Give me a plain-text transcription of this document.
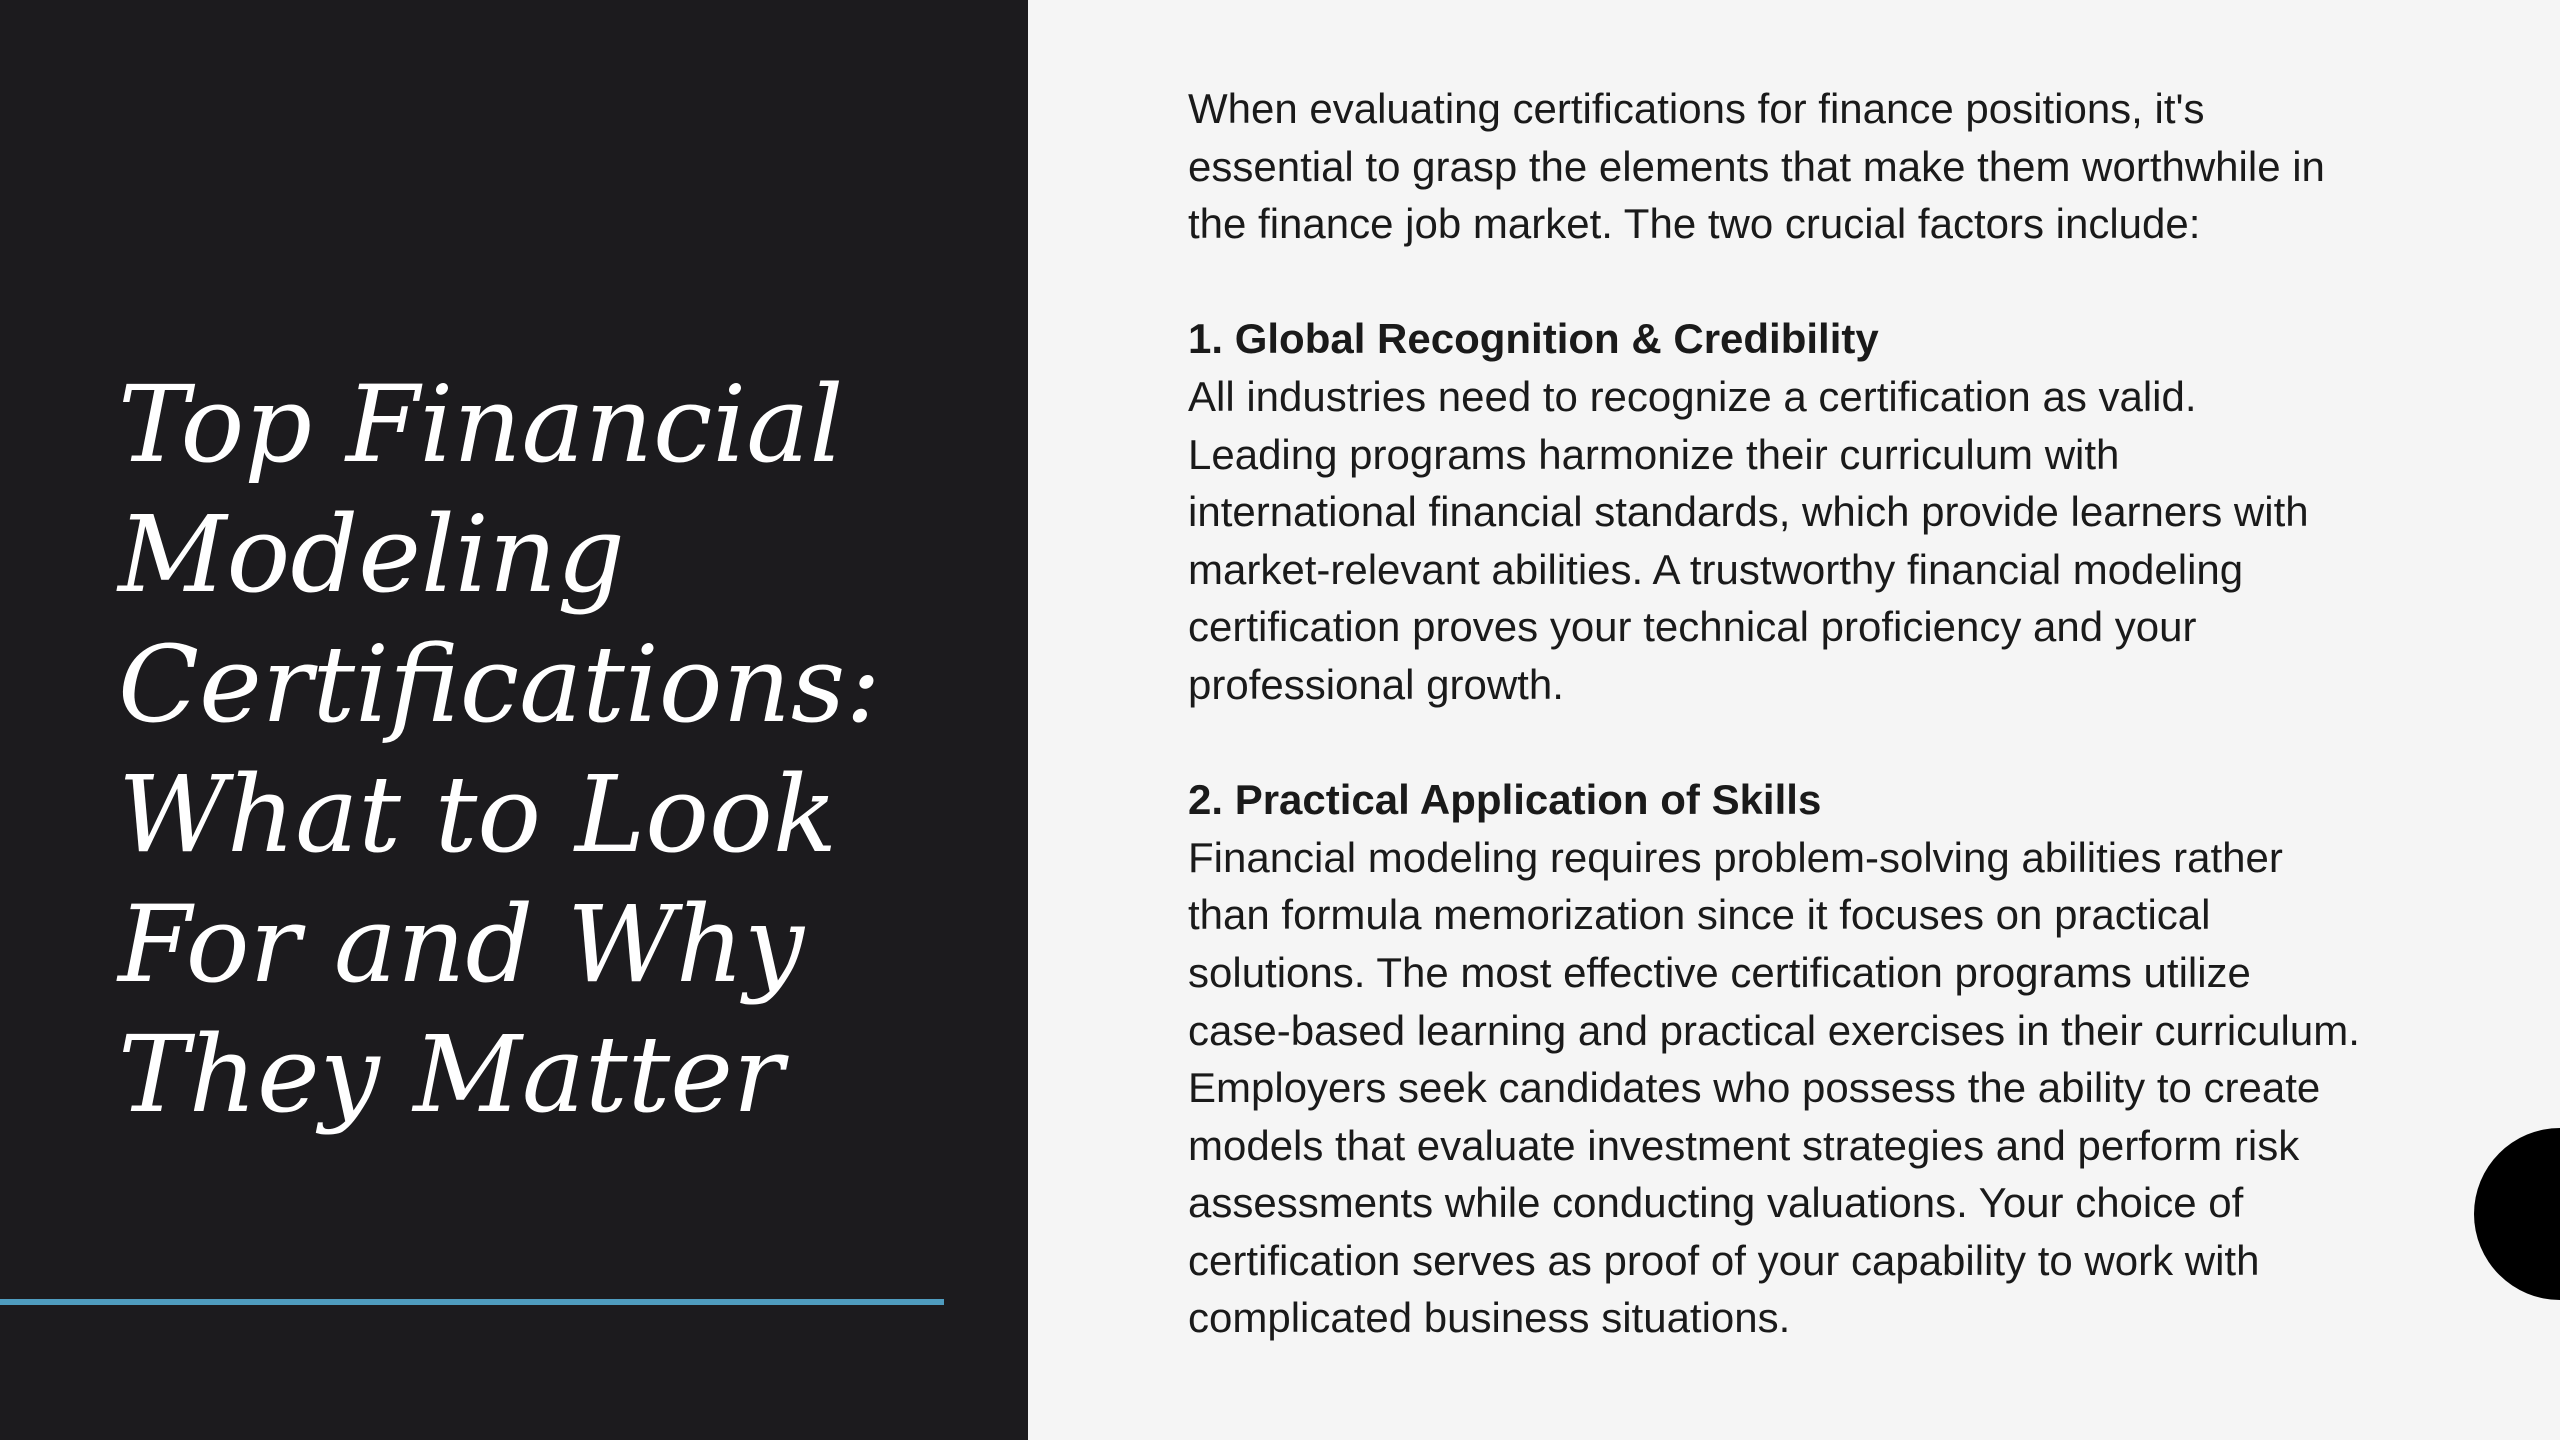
Top Financial
Modeling
Certifications:
What to Look
For and Why
They Matter

When evaluating certifications for finance positions, it's
essential to grasp the elements that make them worthwhile in
the finance job market. The two crucial factors include:

1. Global Recognition & Credibility
All industries need to recognize a certification as valid.
Leading programs harmonize their curriculum with
international financial standards, which provide learners with
market-relevant abilities. A trustworthy financial modeling
certification proves your technical proficiency and your
professional growth.

2. Practical Application of Skills
Financial modeling requires problem-solving abilities rather
than formula memorization since it focuses on practical
solutions. The most effective certification programs utilize
case-based learning and practical exercises in their curriculum.
Employers seek candidates who possess the ability to create
models that evaluate investment strategies and perform risk
assessments while conducting valuations. Your choice of
certification serves as proof of your capability to work with
complicated business situations.
